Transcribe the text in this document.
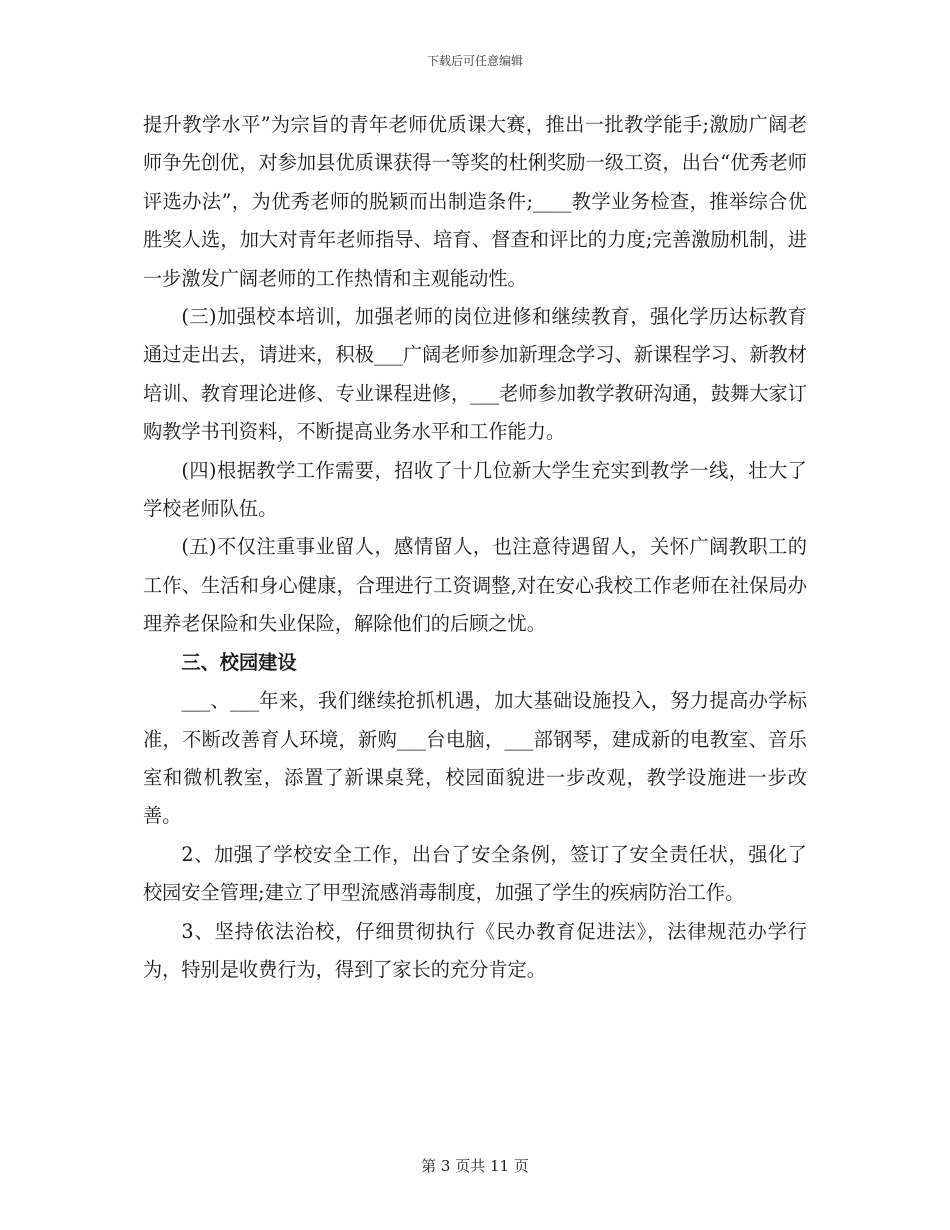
下载后可任意编辑

提升教学水平”为宗旨的青年老师优质课大赛，推出一批教学能手;激励广阔老师争先创优，对参加县优质课获得一等奖的杜俐奖励一级工资，出台“优秀老师评选办法”，为优秀老师的脱颖而出制造条件;____教学业务检查，推举综合优胜奖人选，加大对青年老师指导、培育、督查和评比的力度;完善激励机制，进一步激发广阔老师的工作热情和主观能动性。

(三)加强校本培训，加强老师的岗位进修和继续教育，强化学历达标教育通过走出去，请进来，积极___广阔老师参加新理念学习、新课程学习、新教材培训、教育理论进修、专业课程进修，___老师参加教学教研沟通，鼓舞大家订购教学书刊资料，不断提高业务水平和工作能力。

(四)根据教学工作需要，招收了十几位新大学生充实到教学一线，壮大了学校老师队伍。

(五)不仅注重事业留人，感情留人，也注意待遇留人，关怀广阔教职工的工作、生活和身心健康，合理进行工资调整,对在安心我校工作老师在社保局办理养老保险和失业保险，解除他们的后顾之忧。

三、校园建设

___、___年来，我们继续抢抓机遇，加大基础设施投入，努力提高办学标准，不断改善育人环境，新购___台电脑，___部钢琴，建成新的电教室、音乐室和微机教室，添置了新课桌凳，校园面貌进一步改观，教学设施进一步改善。

2、加强了学校安全工作，出台了安全条例，签订了安全责任状，强化了校园安全管理;建立了甲型流感消毒制度，加强了学生的疾病防治工作。

3、坚持依法治校，仔细贯彻执行《民办教育促进法》，法律规范办学行为，特别是收费行为，得到了家长的充分肯定。

第 3 页共 11 页
